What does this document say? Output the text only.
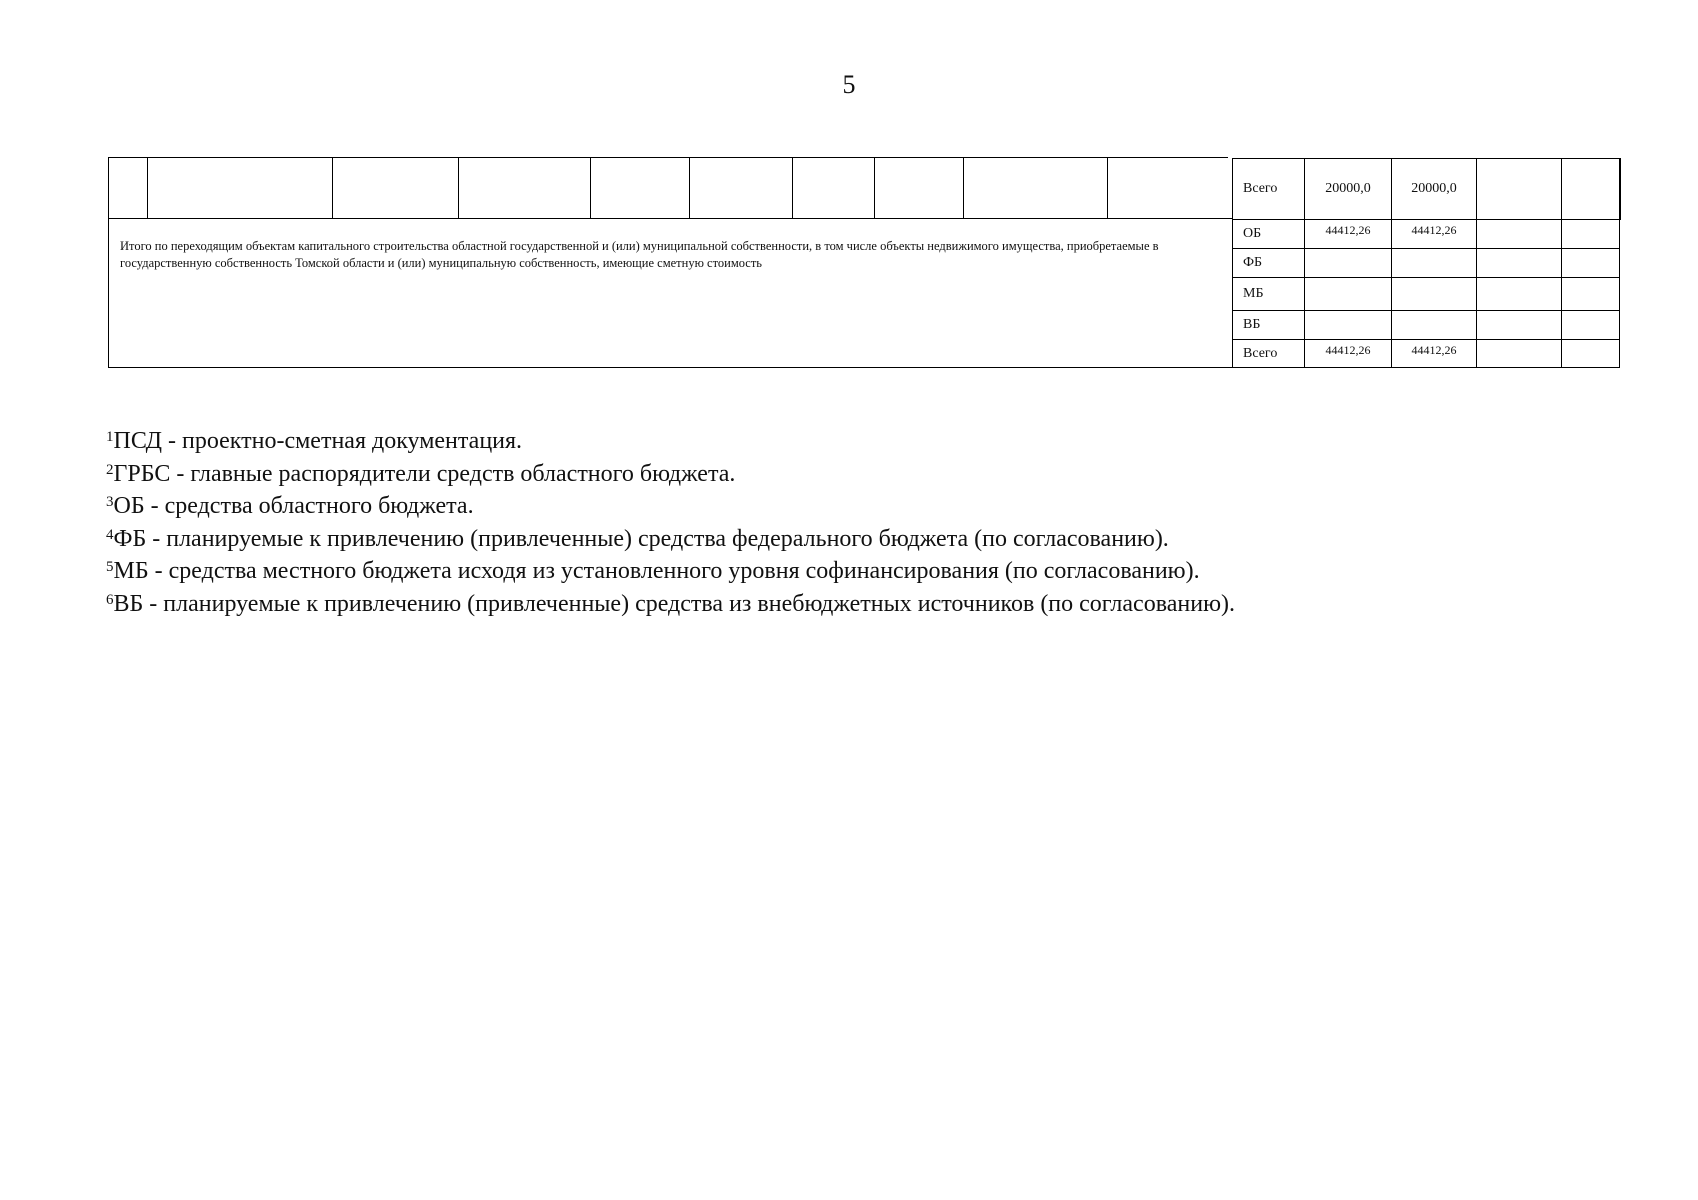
5
Итого по переходящим объектам капитального строительства областной государственной и (или) муниципальной собственности, в том числе объекты недвижимого имущества, приобретаемые в государственную собственность Томской области и (или) муниципальную собственность, имеющие сметную стоимость
Всего	20000,0	20000,0		
ОБ	44412,26	44412,26		
ФБ				
МБ				
ВБ				
Всего	44412,26	44412,26		
$^1$ПСД - проектно-сметная документация.
$^2$ГРБС - главные распорядители средств областного бюджета.
$^3$ОБ - средства областного бюджета.
$^4$ФБ - планируемые к привлечению (привлеченные) средства федерального бюджета (по согласованию).
$^5$МБ - средства местного бюджета исходя из установленного уровня софинансирования (по согласованию).
$^6$ВБ - планируемые к привлечению (привлеченные) средства из внебюджетных источников (по согласованию).
